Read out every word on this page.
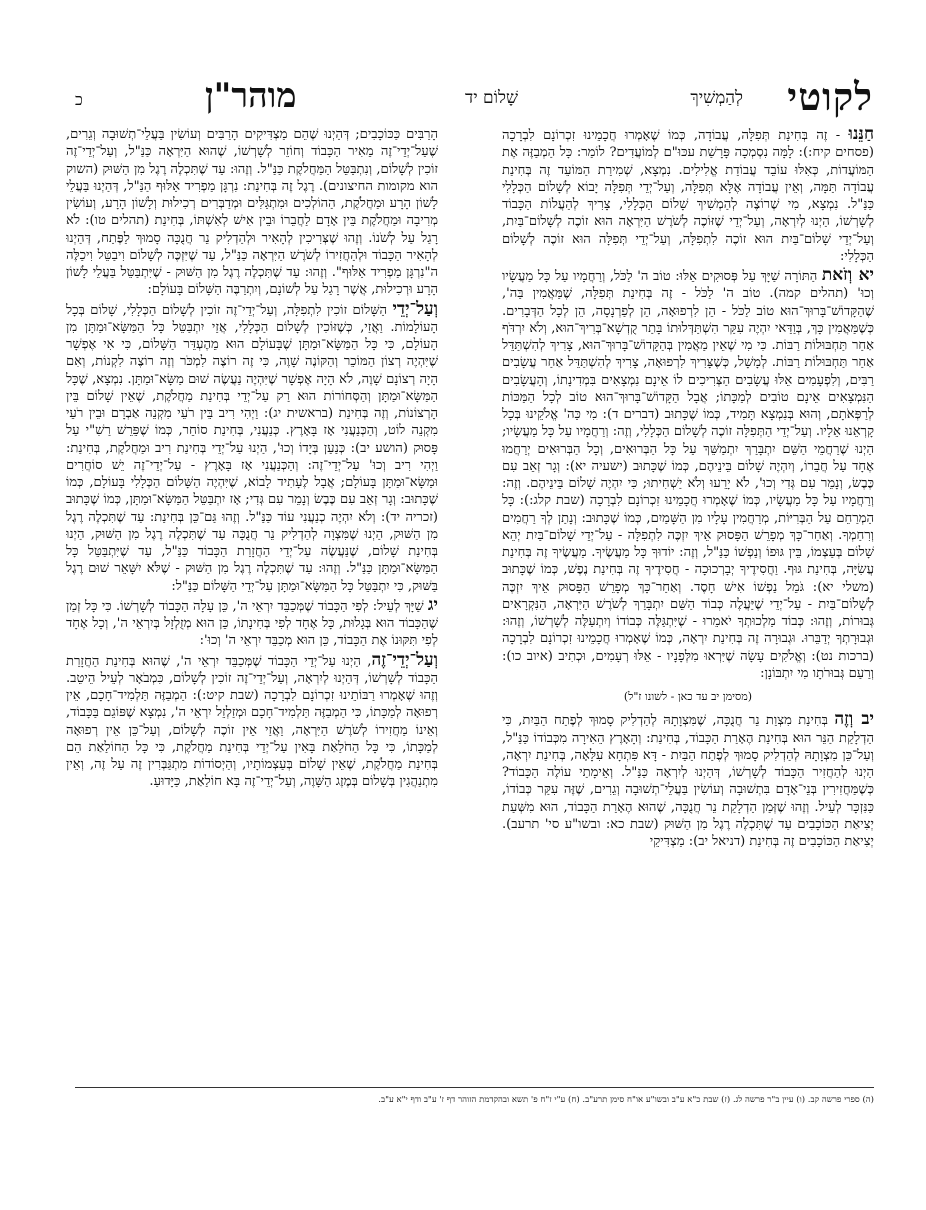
לקוטי
לְהַמְשִׁיךְ
שָׁלוֹם יד
מוהר"ן
כ

חַנֵּנוּ - זֶה בְּחִינַת תְּפִלָּה, עֲבוֹדָה, כְּמוֹ שֶׁאָמְרוּ חֲכָמֵינוּ זִכְרוֹנָם לִבְרָכָה (פסחים קיח:): לָמָּה נִסְמְכָה פָּרָשַׁת עכּוּ"ם לְמוֹעֲדִים? לוֹמַר: כָּל הַמְבַזֶּה אֶת הַמּוֹעֲדוֹת, כְּאִלּוּ עוֹבֵד עֲבוֹדַת אֱלִילִים. נִמְצָא, שְׁמִירַת הַמּוֹעֵד זֶה בְּחִינַת עֲבוֹדָה תַּמָּה, וְאֵין עֲבוֹדָה אֶלָּא תְּפִלָּה, וְעַל־יְדֵי תְּפִלָּה יָבוֹא לְשָׁלוֹם הַכְּלָלִי כַּנַּ"ל. נִמְצָא, מִי שֶׁרוֹצֶה לְהַמְשִׁיךְ שָׁלוֹם הַכְּלָלִי, צָרִיךְ לְהַעֲלוֹת הַכָּבוֹד לְשָׁרְשׁוֹ, הַיְנוּ לְיִרְאָה, וְעַל־יְדֵי שֶׁזּוֹכֶה לְשֹׁרֶשׁ הַיִּרְאָה הוּא זוֹכֶה לְשָׁלוֹם־בַּיִת, וְעַל־יְדֵי שָׁלוֹם־בַּיִת הוּא זוֹכֶה לִתְפִלָּה, וְעַל־יְדֵי תְּפִלָּה הוּא זוֹכֶה לְשָׁלוֹם הַכְּלָלִי:

יא וְזֹאת הַתּוֹרָה שַׁיָּךְ עַל פְּסוּקִים אֵלּוּ: טוֹב ה' לַכֹּל, וְרַחֲמָיו עַל כָּל מַעֲשָׂיו וְכוּ' (תהלים קמה). טוֹב ה' לַכֹּל - זֶה בְּחִינַת תְּפִלָּה, שֶׁמַּאֲמִין בַּה', שֶׁהַקָּדוֹשׁ־בָּרוּךְ־הוּא טוֹב לַכֹּל - הֵן לִרְפוּאָה, הֵן לְפַרְנָסָה, הֵן לְכָל הַדְּבָרִים. כְּשֶׁמַּאֲמִין כָּךְ, בְּוַדַּאי יִהְיֶה עִקַּר הִשְׁתַּדְּלוּתוֹ בָּתַר קֻדְשָׁא־בְּרִיךְ־הוּא, וְלֹא יִרְדֹּף אַחַר תַּחְבּוּלוֹת רַבּוֹת. כִּי מִי שֶׁאֵין מַאֲמִין בְּהַקָּדוֹשׁ־בָּרוּךְ־הוּא, צָרִיךְ לְהִשְׁתַּדֵּל אַחַר תַּחְבּוּלוֹת רַבּוֹת. לְמָשָׁל, כְּשֶׁצָּרִיךְ לִרְפוּאָה, צָרִיךְ לְהִשְׁתַּדֵּל אַחַר עֲשָׂבִים רַבִּים, וְלִפְעָמִים אֵלּוּ עֲשָׂבִים הַצְּרִיכִים לוֹ אֵינָם נִמְצָאִים בִּמְדִינָתוֹ, וְהָעֲשָׂבִים הַנִּמְצָאִים אֵינָם טוֹבִים לְמַכָּתוֹ; אֲבָל הַקָּדוֹשׁ־בָּרוּךְ־הוּא טוֹב לְכָל הַמַּכּוֹת לְרַפְּאֹתָם, וְהוּא בְּנִמְצָא תָּמִיד, כְּמוֹ שֶׁכָּתוּב (דברים ד): מִי כַּה' אֱלֹקֵינוּ בְּכָל קָרְאֵנוּ אֵלָיו. וְעַל־יְדֵי הַתְּפִלָּה זוֹכֶה לְשָׁלוֹם הַכְּלָלִי, וְזֶה: וְרַחֲמָיו עַל כָּל מַעֲשָׂיו; הַיְנוּ שֶׁרַחֲמֵי הַשֵּׁם יִתְבָּרַךְ יִתְמַשֵּׁךְ עַל כָּל הַבְּרוּאִים, וְכָל הַבְּרוּאִים יְרַחֲמוּ אֶחָד עַל חֲבֵרוֹ, וְיִהְיֶה שָׁלוֹם בֵּינֵיהֶם, כְּמוֹ שֶׁכָּתוּב (ישעיה יא): וְגָר זְאֵב עִם כֶּבֶשׂ, וְנָמֵר עִם גְּדִי וְכוּ', לֹא יָרֵעוּ וְלֹא יַשְׁחִיתוּ; כִּי יִהְיֶה שָׁלוֹם בֵּינֵיהֶם. וְזֶה: וְרַחֲמָיו עַל כָּל מַעֲשָׂיו, כְּמוֹ שֶׁאָמְרוּ חֲכָמֵינוּ זִכְרוֹנָם לִבְרָכָה (שבת קלג:): כָּל הַמְרַחֵם עַל הַבְּרִיּוֹת, מְרַחֲמִין עָלָיו מִן הַשָּׁמַיִם, כְּמוֹ שֶׁכָּתוּב: וְנָתַן לְךָ רַחֲמִים וְרִחַמְךָ. וְאַחַר־כָּךְ מְפָרֵשׁ הַפָּסוּק אֵיךְ יִזְכֶּה לִתְפִלָּה - עַל־יְדֵי שָׁלוֹם־בַּיִת יְהֵא שָׁלוֹם בְּעַצְמוֹ, בֵּין גּוּפוֹ וְנַפְשׁוֹ כַּנַּ"ל, וְזֶה: יוֹדוּךָ כָּל מַעֲשֶׂיךָ. מַעֲשֶׂיךָ זֶה בְּחִינַת עֲשִׂיָּה, בְּחִינַת גּוּף. וַחֲסִידֶיךָ יְבָרְכוּכָה - חֲסִידֶיךָ זֶה בְּחִינַת נֶפֶשׁ, כְּמוֹ שֶׁכָּתוּב (משלי יא): גֹּמֵל נַפְשׁוֹ אִישׁ חָסֶד. וְאַחַר־כָּךְ מְפָרֵשׁ הַפָּסוּק אֵיךְ יִזְכֶּה לְשָׁלוֹם־בַּיִת - עַל־יְדֵי שֶׁיַּעֲלֶה כְּבוֹד הַשֵּׁם יִתְבָּרַךְ לְשֹׁרֶשׁ הַיִּרְאָה, הַנִּקְרָאִים גְּבוּרוֹת, וְזֶהוּ: כְּבוֹד מַלְכוּתְךָ יֹאמֵרוּ - שֶׁיִּתְגַּלֶּה כְּבוֹדוֹ וְיִתְעַלֶּה לְשָׁרְשׁוֹ, וְזֶהוּ: וּגְבוּרָתְךָ יְדַבֵּרוּ. וּגְבוּרָה זֶה בְּחִינַת יִרְאָה, כְּמוֹ שֶׁאָמְרוּ חֲכָמֵינוּ זִכְרוֹנָם לִבְרָכָה (ברכות נט): וְאֱלֹקִים עָשָׂה שֶׁיִּרְאוּ מִלְּפָנָיו - אֵלּוּ רְעָמִים, וּכְתִיב (איוב כו): וְרַעַם גְּבוּרֹתָו מִי יִתְבּוֹנָן:

(מסימן יב עד כאן - לשונו ז"ל)

יב וְזֶה בְּחִינַת מִצְוַת נֵר חֲנֻכָּה, שֶׁמִּצְוָתָהּ לְהַדְלִיק סָמוּךְ לְפֶתַח הַבַּיִת, כִּי הַדְלָקַת הַנֵּר הוּא בְּחִינַת הֶאָרַת הַכָּבוֹד, בְּחִינַת: וְהָאָרֶץ הֵאִירָה מִכְּבוֹדוֹ כַּנַּ"ל, וְעַל־כֵּן מִצְוָתָהּ לְהַדְלִיק סָמוּךְ לְפֶתַח הַבַּיִת - דָּא פִּתְחָא עִלָּאָה, בְּחִינַת יִרְאָה, הַיְנוּ לְהַחֲזִיר הַכָּבוֹד לְשָׁרְשׁוֹ, דְּהַיְנוּ לְיִרְאָה כַּנַּ"ל. וְאֵימָתַי עוֹלֶה הַכָּבוֹד? כְּשֶׁמַּחֲזִירִין בְּנֵי־אָדָם בִּתְשׁוּבָה וְעוֹשִׂין בַּעֲלֵי־תְשׁוּבָה וְגֵרִים, שֶׁזֶּה עִקַּר כְּבוֹדוֹ, כַּנִּזְכָּר לְעֵיל. וְזֶהוּ שֶׁזְּמַן הַדְלָקַת נֵר חֲנֻכָּה, שֶׁהוּא הֶאָרַת הַכָּבוֹד, הוּא מִשְּׁעַת יְצִיאַת הַכּוֹכָבִים עַד שֶׁתִּכְלֶה רֶגֶל מִן הַשּׁוּק (שבת כא: ובשו"ע סי' תרעב). יְצִיאַת הַכּוֹכָבִים זֶה בְּחִינַת (דניאל יב): מַצְדִּיקֵי

הָרַבִּים כַּכּוֹכָבִים; דְּהַיְנוּ שֶׁהֵם מַצְדִּיקִים הָרַבִּים וְעוֹשִׂין בַּעֲלֵי־תְשׁוּבָה וְגֵרִים, שֶׁעַל־יְדֵי־זֶה מֵאִיר הַכָּבוֹד וְחוֹזֵר לְשָׁרְשׁוֹ, שֶׁהוּא הַיִּרְאָה כַּנַּ"ל, וְעַל־יְדֵי־זֶה זוֹכִין לְשָׁלוֹם, וְנִתְבַּטֵּל הַמַּחֲלֹקֶת כַּנַּ"ל. וְזֶהוּ: עַד שֶׁתִּכְלֶה רֶגֶל מִן הַשּׁוּק (השוק הוא מקומות החיצונים). רֶגֶל זֶה בְּחִינַת: נִרְגָּן מַפְרִיד אַלּוּף הַנַּ"ל, דְּהַיְנוּ בַּעֲלֵי לָשׁוֹן הָרָע וּמַחֲלֹקֶת, הַהוֹלְכִים וּמִתְגַּלִּים וּמְדַבְּרִים רְכִילוּת וְלָשׁוֹן הָרָע, וְעוֹשִׂין מְרִיבָה וּמַחֲלֹקֶת בֵּין אָדָם לַחֲבֵרוֹ וּבֵין אִישׁ לְאִשְׁתּוֹ, בְּחִינַת (תהלים טו): לֹא רָגַל עַל לְשֹׁנוֹ. וְזֶהוּ שֶׁצְּרִיכִין לְהָאִיר וּלְהַדְלִיק נֵר חֲנֻכָּה סָמוּךְ לַפֶּתַח, דְּהַיְנוּ לְהָאִיר הַכָּבוֹד וּלְהַחֲזִירוֹ לְשֹׁרֶשׁ הַיִּרְאָה כַּנַּ"ל, עַד שֶׁיִּזְכֶּה לְשָׁלוֹם וִיבַטֵּל וִיכַלֶּה ה"נִרְגָּן מַפְרִיד אַלּוּף". וְזֶהוּ: עַד שֶׁתִּכְלֶה רֶגֶל מִן הַשּׁוּק - שֶׁיִּתְבַּטֵּל בַּעֲלֵי לָשׁוֹן הָרָע וּרְכִילוּת, אֲשֶׁר רָגַל עַל לְשׁוֹנָם, וְיִתְרַבֶּה הַשָּׁלוֹם בָּעוֹלָם:

וְעַל־יְדֵי הַשָּׁלוֹם זוֹכִין לִתְפִלָּה, וְעַל־יְדֵי־זֶה זוֹכִין לְשָׁלוֹם הַכְּלָלִי, שָׁלוֹם בְּכָל הָעוֹלָמוֹת. וַאֲזַי, כְּשֶׁזּוֹכִין לְשָׁלוֹם הַכְּלָלִי, אֲזַי יִתְבַּטֵּל כָּל הַמַּשָּׂא־וּמַתָּן מִן הָעוֹלָם, כִּי כָּל הַמַּשָּׂא־וּמַתָּן שֶׁבָּעוֹלָם הוּא מֵהֶעְדֵּר הַשָּׁלוֹם, כִּי אִי אֶפְשָׁר שֶׁיִּהְיֶה רְצוֹן הַמּוֹכֵר וְהַקּוֹנֶה שָׁוֶה, כִּי זֶה רוֹצֶה לִמְכֹּר וְזֶה רוֹצֶה לִקְנוֹת, וְאִם הָיָה רְצוֹנָם שָׁוֶה, לֹא הָיָה אֶפְשָׁר שֶׁיִּהְיֶה נַעֲשֶׂה שׁוּם מַשָּׂא־וּמַתָּן. נִמְצָא, שֶׁכָּל הַמַּשָּׂא־וּמַתָּן וְהַסְּחוֹרוֹת הוּא רַק עַל־יְדֵי בְּחִינַת מַחֲלֹקֶת, שֶׁאֵין שָׁלוֹם בֵּין הָרְצוֹנוֹת, וְזֶה בְּחִינַת (בראשית יג): וַיְהִי רִיב בֵּין רֹעֵי מִקְנֵה אַבְרָם וּבֵין רֹעֵי מִקְנֵה לוֹט, וְהַכְּנַעֲנִי אָז בָּאָרֶץ. כְּנַעֲנִי, בְּחִינַת סוֹחֵר, כְּמוֹ שֶׁפֵּרֵשׁ רַשִׁ"י עַל פָּסוּק (הושע יב): כְּנַעַן בְּיָדוֹ וְכוּ', הַיְנוּ עַל־יְדֵי בְּחִינַת רִיב וּמַחֲלֹקֶת, בְּחִינַת: וַיְהִי רִיב וְכוּ' עַל־יְדֵי־זֶה: וְהַכְּנַעֲנִי אָז בָּאָרֶץ - עַל־יְדֵי־זֶה יֵשׁ סוֹחֲרִים וּמַשָּׂא־וּמַתָּן בָּעוֹלָם; אֲבָל לֶעָתִיד לָבוֹא, שֶׁיִּהְיֶה הַשָּׁלוֹם הַכְּלָלִי בָּעוֹלָם, כְּמוֹ שֶׁכָּתוּב: וְגָר זְאֵב עִם כֶּבֶשׂ וְנָמֵר עִם גְּדִי; אָז יִתְבַּטֵּל הַמַּשָּׂא־וּמַתָּן, כְּמוֹ שֶׁכָּתוּב (זכריה יד): וְלֹא יִהְיֶה כְנַעֲנִי עוֹד כַּנַּ"ל. וְזֶהוּ גַּם־כֵּן בְּחִינַת: עַד שֶׁתִּכְלֶה רֶגֶל מִן הַשּׁוּק, הַיְנוּ שֶׁמִּצְוָה לְהַדְלִיק נֵר חֲנֻכָּה עַד שֶׁתִּכְלֶה רֶגֶל מִן הַשּׁוּק, הַיְנוּ בְּחִינַת שָׁלוֹם, שֶׁנַּעֲשֶׂה עַל־יְדֵי הַחֲזָרַת הַכָּבוֹד כַּנַּ"ל, עַד שֶׁיִּתְבַּטֵּל כָּל הַמַּשָּׂא־וּמַתָּן כַּנַּ"ל. וְזֶהוּ: עַד שֶׁתִּכְלֶה רֶגֶל מִן הַשּׁוּק - שֶׁלֹּא יִשָּׁאֵר שׁוּם רֶגֶל בַּשּׁוּק, כִּי יִתְבַּטֵּל כָּל הַמַּשָּׂא־וּמַתָּן עַל־יְדֵי הַשָּׁלוֹם כַּנַּ"ל:

יג שַׁיָּךְ לְעֵיל: לְפִי הַכָּבוֹד שֶׁמְּכַבֵּד יִרְאֵי ה', כֵּן עָלָה הַכָּבוֹד לְשָׁרְשׁוֹ. כִּי כָּל זְמַן שֶׁהַכָּבוֹד הוּא בְּגָלוּת, כָּל אֶחָד לְפִי בְּחִינָתוֹ, כֵּן הוּא מְזֻלְזָל בְּיִרְאֵי ה', וְכָל אֶחָד לְפִי תִּקּוּנוֹ אֶת הַכָּבוֹד, כֵּן הוּא מְכַבֵּד יִרְאֵי ה' וְכוּ':

וְעַל־יְדֵי־זֶה, הַיְנוּ עַל־יְדֵי הַכָּבוֹד שֶׁמְּכַבֵּד יִרְאֵי ה', שֶׁהוּא בְּחִינַת הַחֲזָרַת הַכָּבוֹד לְשָׁרְשׁוֹ, דְּהַיְנוּ לְיִרְאָה, וְעַל־יְדֵי־זֶה זוֹכִין לְשָׁלוֹם, כִּמְבֹאָר לְעֵיל הֵיטֵב. וְזֶהוּ שֶׁאָמְרוּ רַבּוֹתֵינוּ זִכְרוֹנָם לִבְרָכָה (שבת קיט:): הַמְבַזֶּה תַּלְמִיד־חָכָם, אֵין רְפוּאָה לְמַכָּתוֹ, כִּי הַמְבַזֶּה תַּלְמִיד־חָכָם וּמְזַלְזֵל יִרְאֵי ה', נִמְצָא שֶׁפּוֹגֵם בַּכָּבוֹד, וְאֵינוֹ מַחֲזִירוֹ לְשֹׁרֶשׁ הַיִּרְאָה, וַאֲזַי אֵין זוֹכֶה לְשָׁלוֹם, וְעַל־כֵּן אֵין רְפוּאָה לְמַכָּתוֹ, כִּי כָּל הַחֹלַאַת בָּאִין עַל־יְדֵי בְּחִינַת מַחֲלֹקֶת, כִּי כָּל הַחוֹלַאַת הֵם בְּחִינַת מַחֲלֹקֶת, שֶׁאֵין שָׁלוֹם בְּעַצְמוֹתָיו, וְהַיְסוֹדוֹת מִתְגַּבְּרִין זֶה עַל זֶה, וְאֵין מִתְנַהֲגִין בְּשָׁלוֹם בְּמֶזֶג הַשָּׁוֶה, וְעַל־יְדֵי־זֶה בָּא חוֹלַאַת, כַּיָּדוּעַ.

(ה) ספרי פרשה קב. (ו) עיין ב"ר פרשה לג. (ז) שבת כ"א ע"ב ובשו"ע או"ח סימן תרע"ב. (ח) ע"י ז"ח פ' תשא ובהקדמת הזוהר דף ז' ע"ב ודף י"א ע"ב.
